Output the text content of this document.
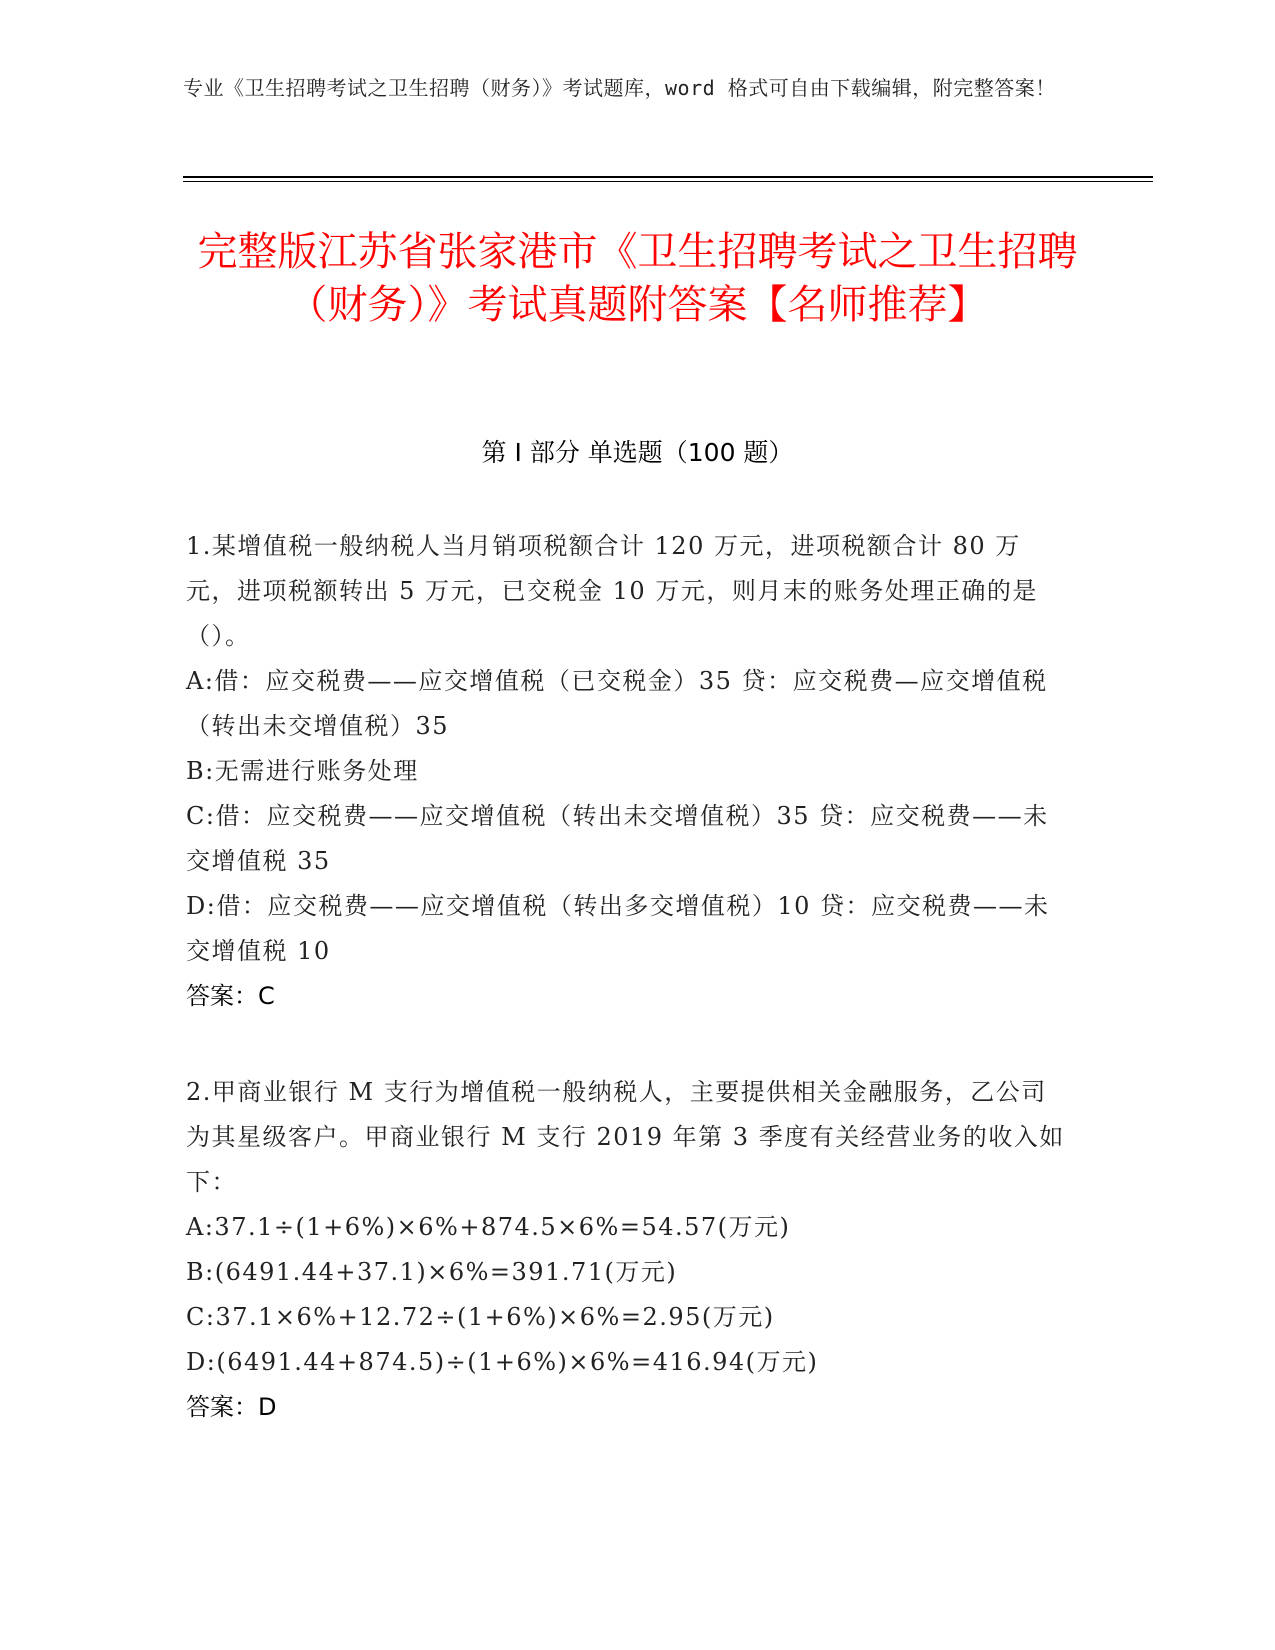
专业《卫生招聘考试之卫生招聘（财务）》考试题库，word 格式可自由下载编辑，附完整答案！
完整版江苏省张家港市《卫生招聘考试之卫生招聘（财务）》考试真题附答案【名师推荐】
第 I 部分 单选题（100 题）

1.某增值税一般纳税人当月销项税额合计 120 万元，进项税额合计 80 万元，进项税额转出 5 万元，已交税金 10 万元，则月末的账务处理正确的是（）。

A:借：应交税费——应交增值税（已交税金）35 贷：应交税费—应交增值税（转出未交增值税）35

B:无需进行账务处理

C:借：应交税费——应交增值税（转出未交增值税）35 贷：应交税费——未交增值税 35

D:借：应交税费——应交增值税（转出多交增值税）10 贷：应交税费——未交增值税 10

答案：C

2.甲商业银行 M 支行为增值税一般纳税人，主要提供相关金融服务，乙公司为其星级客户。甲商业银行 M 支行 2019 年第 3 季度有关经营业务的收入如下：

A:37.1÷(1+6%)×6%+874.5×6%=54.57(万元)

B:(6491.44+37.1)×6%=391.71(万元)

C:37.1×6%+12.72÷(1+6%)×6%=2.95(万元)

D:(6491.44+874.5)÷(1+6%)×6%=416.94(万元)

答案：D
